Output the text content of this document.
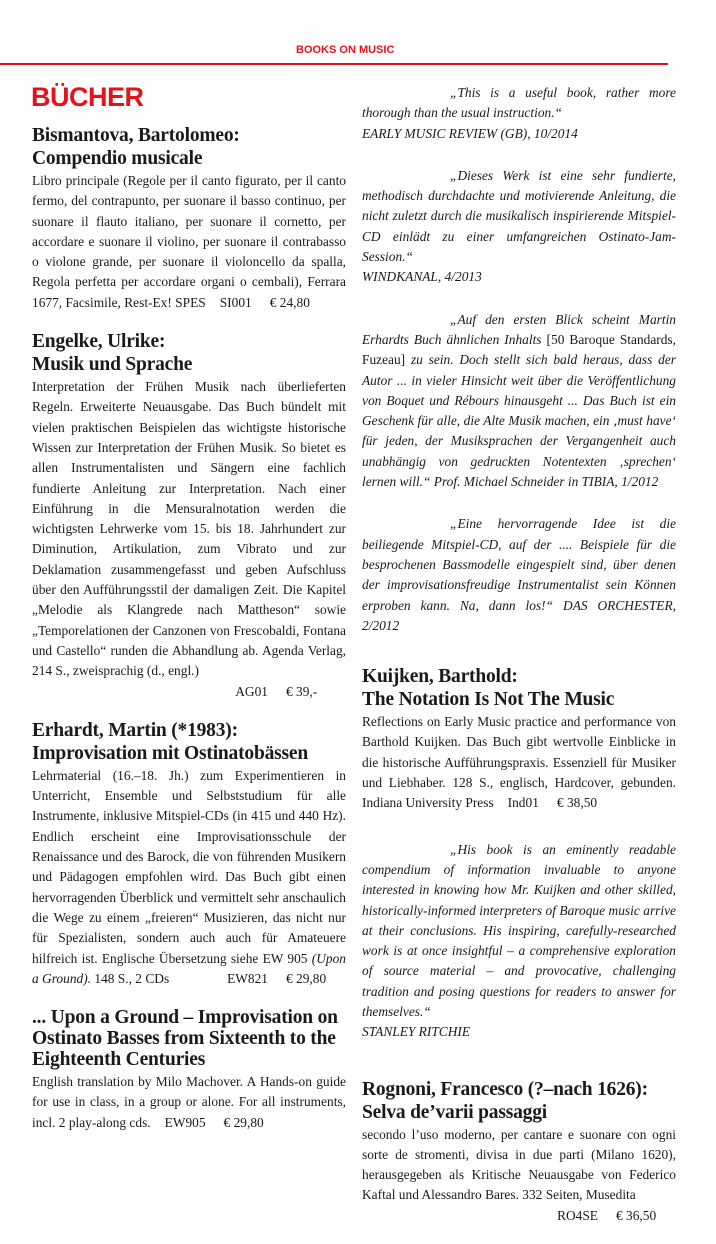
BOOKS ON MUSIC
BÜCHER
Bismantova, Bartolomeo:
Compendio musicale

Libro principale (Regole per il canto figurato, per il canto fermo, del contrapunto, per suonare il basso continuo, per suonare il flauto italiano, per suonare il cornetto, per accordare e suonare il violino, per suonare il contrabasso o violone grande, per suonare il violoncello da spalla, Regola perfetta per accordare organi o cembali), Ferrara 1677, Facsimile, Rest-Ex! SPES SI001 € 24,80

Engelke, Ulrike:
Musik und Sprache

Interpretation der Frühen Musik nach überlieferten Regeln. Erweiterte Neuausgabe. Das Buch bündelt mit vielen praktischen Beispielen das wichtigste historische Wissen zur Interpretation der Frühen Musik. So bietet es allen Instrumentalisten und Sängern eine fachlich fundierte Anleitung zur Interpretation. Nach einer Einführung in die Mensuralnotation werden die wichtigsten Lehrwerke vom 15. bis 18. Jahrhundert zur Diminution, Artikulation, zum Vibrato und zur Deklamation zusammengefasst und geben Aufschluss über den Aufführungsstil der damaligen Zeit. Die Kapitel „Melodie als Klangrede nach Mattheson“ sowie „Temporelationen der Canzonen von Frescobaldi, Fontana und Castello“ runden die Abhandlung ab. Agenda Verlag, 214 S., zweisprachig (d., engl.)

AG01 € 39,-
Erhardt, Martin (*1983):
Improvisation mit Ostinatobässen

Lehrmaterial (16.–18. Jh.) zum Experimentieren in Unterricht, Ensemble und Selbststudium für alle Instrumente, inklusive Mitspiel-CDs (in 415 und 440 Hz). Endlich erscheint eine Improvisationsschule der Renaissance und des Barock, die von führenden Musikern und Pädagogen empfohlen wird. Das Buch gibt einen hervorragenden Überblick und vermittelt sehr anschaulich die Wege zu einem „freieren“ Musizieren, das nicht nur für Spezialisten, sondern auch auch für Amateuere hilfreich ist. Englische Übersetzung siehe EW 905 (Upon a Ground). 148 S., 2 CDs	EW821 € 29,80
... Upon a Ground – Improvisation on Ostinato Basses from Sixteenth to the Eighteenth Centuries

English translation by Milo Machover. A Hands-on guide for use in class, in a group or alone. For all instruments, incl. 2 play-along cds. EW905 € 29,80

„This is a useful book, rather more thorough than the usual instruction.“

EARLY MUSIC REVIEW (GB), 10/2014

„Dieses Werk ist eine sehr fundierte, methodisch durchdachte und motivierende Anleitung, die nicht zuletzt durch die musikalisch inspirierende Mitspiel-CD einlädt zu einer umfangreichen Ostinato-Jam-Session.“

WINDKANAL, 4/2013

„Auf den ersten Blick scheint Martin Erhardts Buch ähnlichen Inhalts [50 Baroque Standards, Fuzeau] zu sein. Doch stellt sich bald heraus, dass der Autor ... in vieler Hinsicht weit über die Veröffentlichung von Boquet und Rébours hinausgeht ... Das Buch ist ein Geschenk für alle, die Alte Musik machen, ein ‚must have‘ für jeden, der Musiksprachen der Vergangenheit auch unabhängig von gedruckten Notentexten ‚sprechen‘ lernen will.“ Prof. Michael Schneider in TIBIA, 1/2012

„Eine hervorragende Idee ist die beiliegende Mitspiel-CD, auf der .... Beispiele für die besprochenen Bassmodelle eingespielt sind, über denen der improvisationsfreudige Instrumentalist sein Können erproben kann. Na, dann los!“ DAS ORCHESTER, 2/2012

Kuijken, Barthold:
The Notation Is Not The Music

Reflections on Early Music practice and performance von Barthold Kuijken. Das Buch gibt wertvolle Einblicke in die historische Aufführungspraxis. Essenziell für Musiker und Liebhaber. 128 S., englisch, Hardcover, gebunden. Indiana University Press Ind01 € 38,50

„His book is an eminently readable compendium of information invaluable to anyone interested in knowing how Mr. Kuijken and other skilled, historically-informed interpreters of Baroque music arrive at their conclusions. His inspiring, carefully-researched work is at once insightful – a comprehensive exploration of source material – and provocative, challenging tradition and posing questions for readers to answer for themselves.“

STANLEY RITCHIE

Rognoni, Francesco (?–nach 1626):
Selva de’varii passaggi

secondo l’uso moderno, per cantare e suonare con ogni sorte de stromenti, divisa in due parti (Milano 1620), herausgegeben als Kritische Neuausgabe von Federico Kaftal und Alessandro Bares. 332 Seiten, Musedita

RO4SE € 36,50
